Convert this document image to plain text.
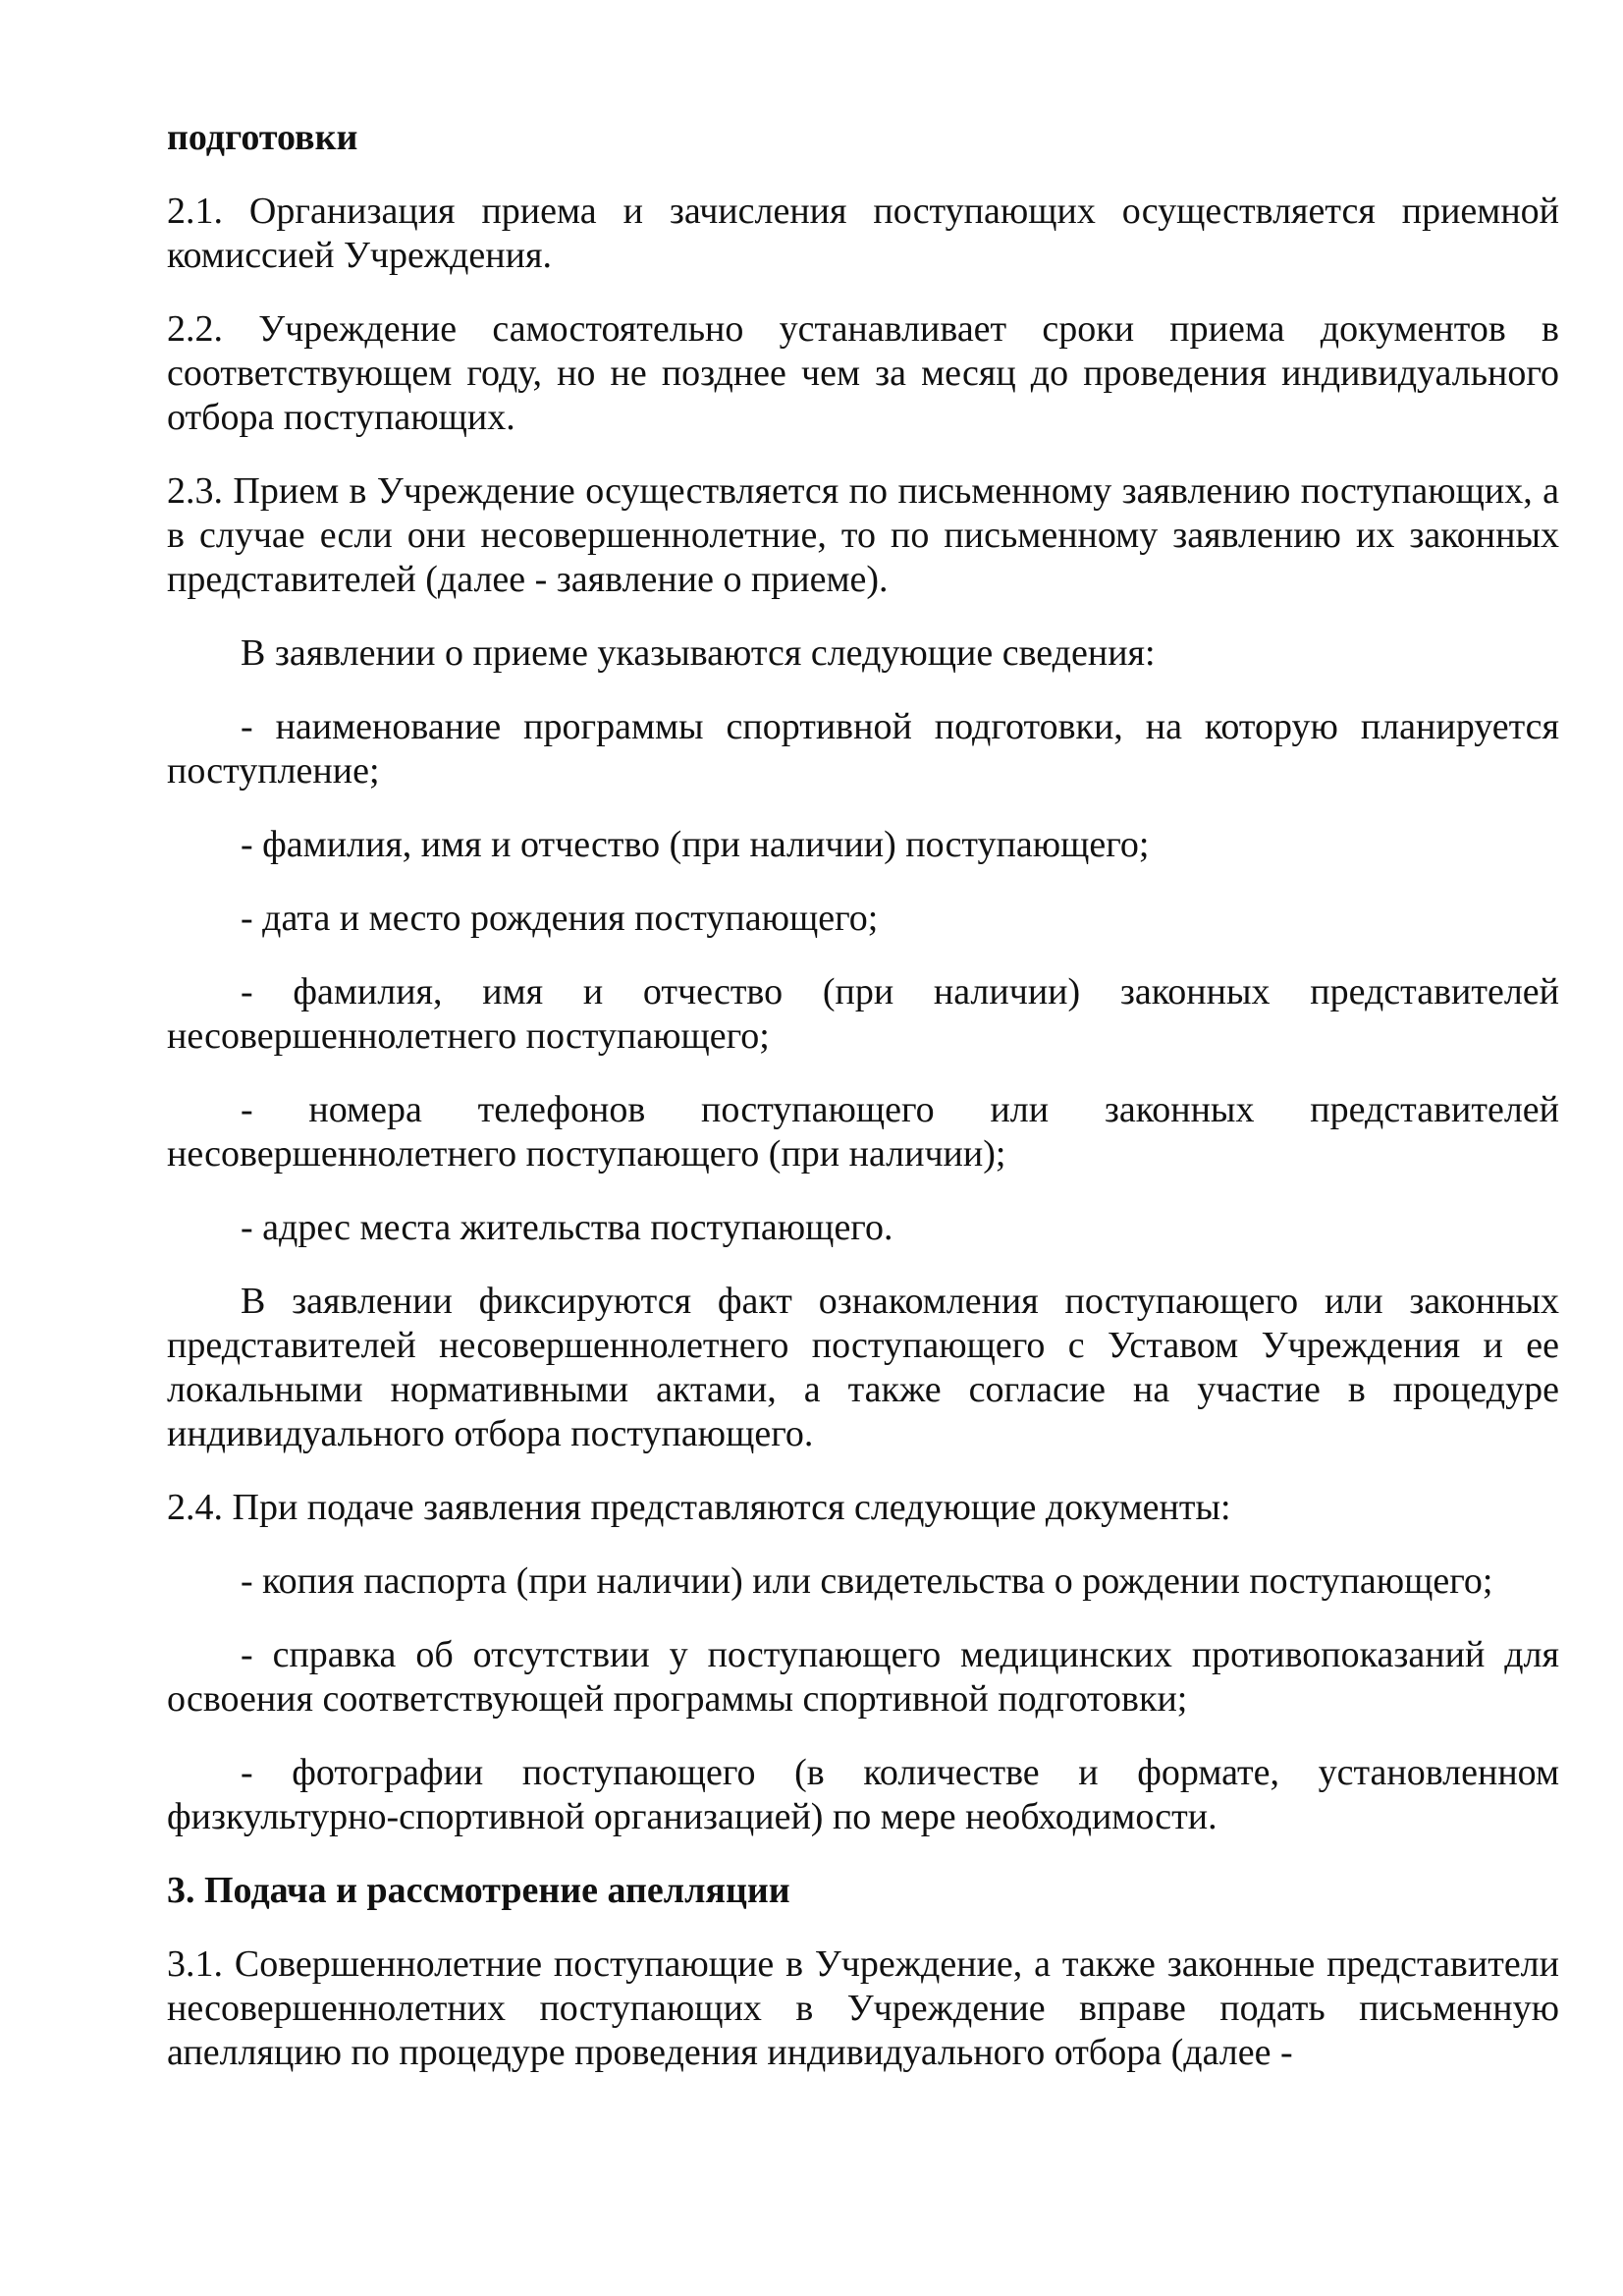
подготовки

2.1. Организация приема и зачисления поступающих осуществляется приемной комиссией Учреждения.

2.2. Учреждение самостоятельно устанавливает сроки приема документов в соответствующем году, но не позднее чем за месяц до проведения индивидуального отбора поступающих.

2.3. Прием в Учреждение осуществляется по письменному заявлению поступающих, а в случае если они несовершеннолетние, то по письменному заявлению их законных представителей (далее - заявление о приеме).

В заявлении о приеме указываются следующие сведения:

- наименование программы спортивной подготовки, на которую планируется поступление;

- фамилия, имя и отчество (при наличии) поступающего;

- дата и место рождения поступающего;

- фамилия, имя и отчество (при наличии) законных представителей несовершеннолетнего поступающего;

- номера телефонов поступающего или законных представителей несовершеннолетнего поступающего (при наличии);

- адрес места жительства поступающего.

В заявлении фиксируются факт ознакомления поступающего или законных представителей несовершеннолетнего поступающего с Уставом Учреждения и ее локальными нормативными актами, а также согласие на участие в процедуре индивидуального отбора поступающего.

2.4. При подаче заявления представляются следующие документы:

- копия паспорта (при наличии) или свидетельства о рождении поступающего;

- справка об отсутствии у поступающего медицинских противопоказаний для освоения соответствующей программы спортивной подготовки;

- фотографии поступающего (в количестве и формате, установленном физкультурно-спортивной организацией) по мере необходимости.

3. Подача и рассмотрение апелляции

3.1. Совершеннолетние поступающие в Учреждение, а также законные представители несовершеннолетних поступающих в Учреждение вправе подать письменную апелляцию по процедуре проведения индивидуального отбора (далее -
